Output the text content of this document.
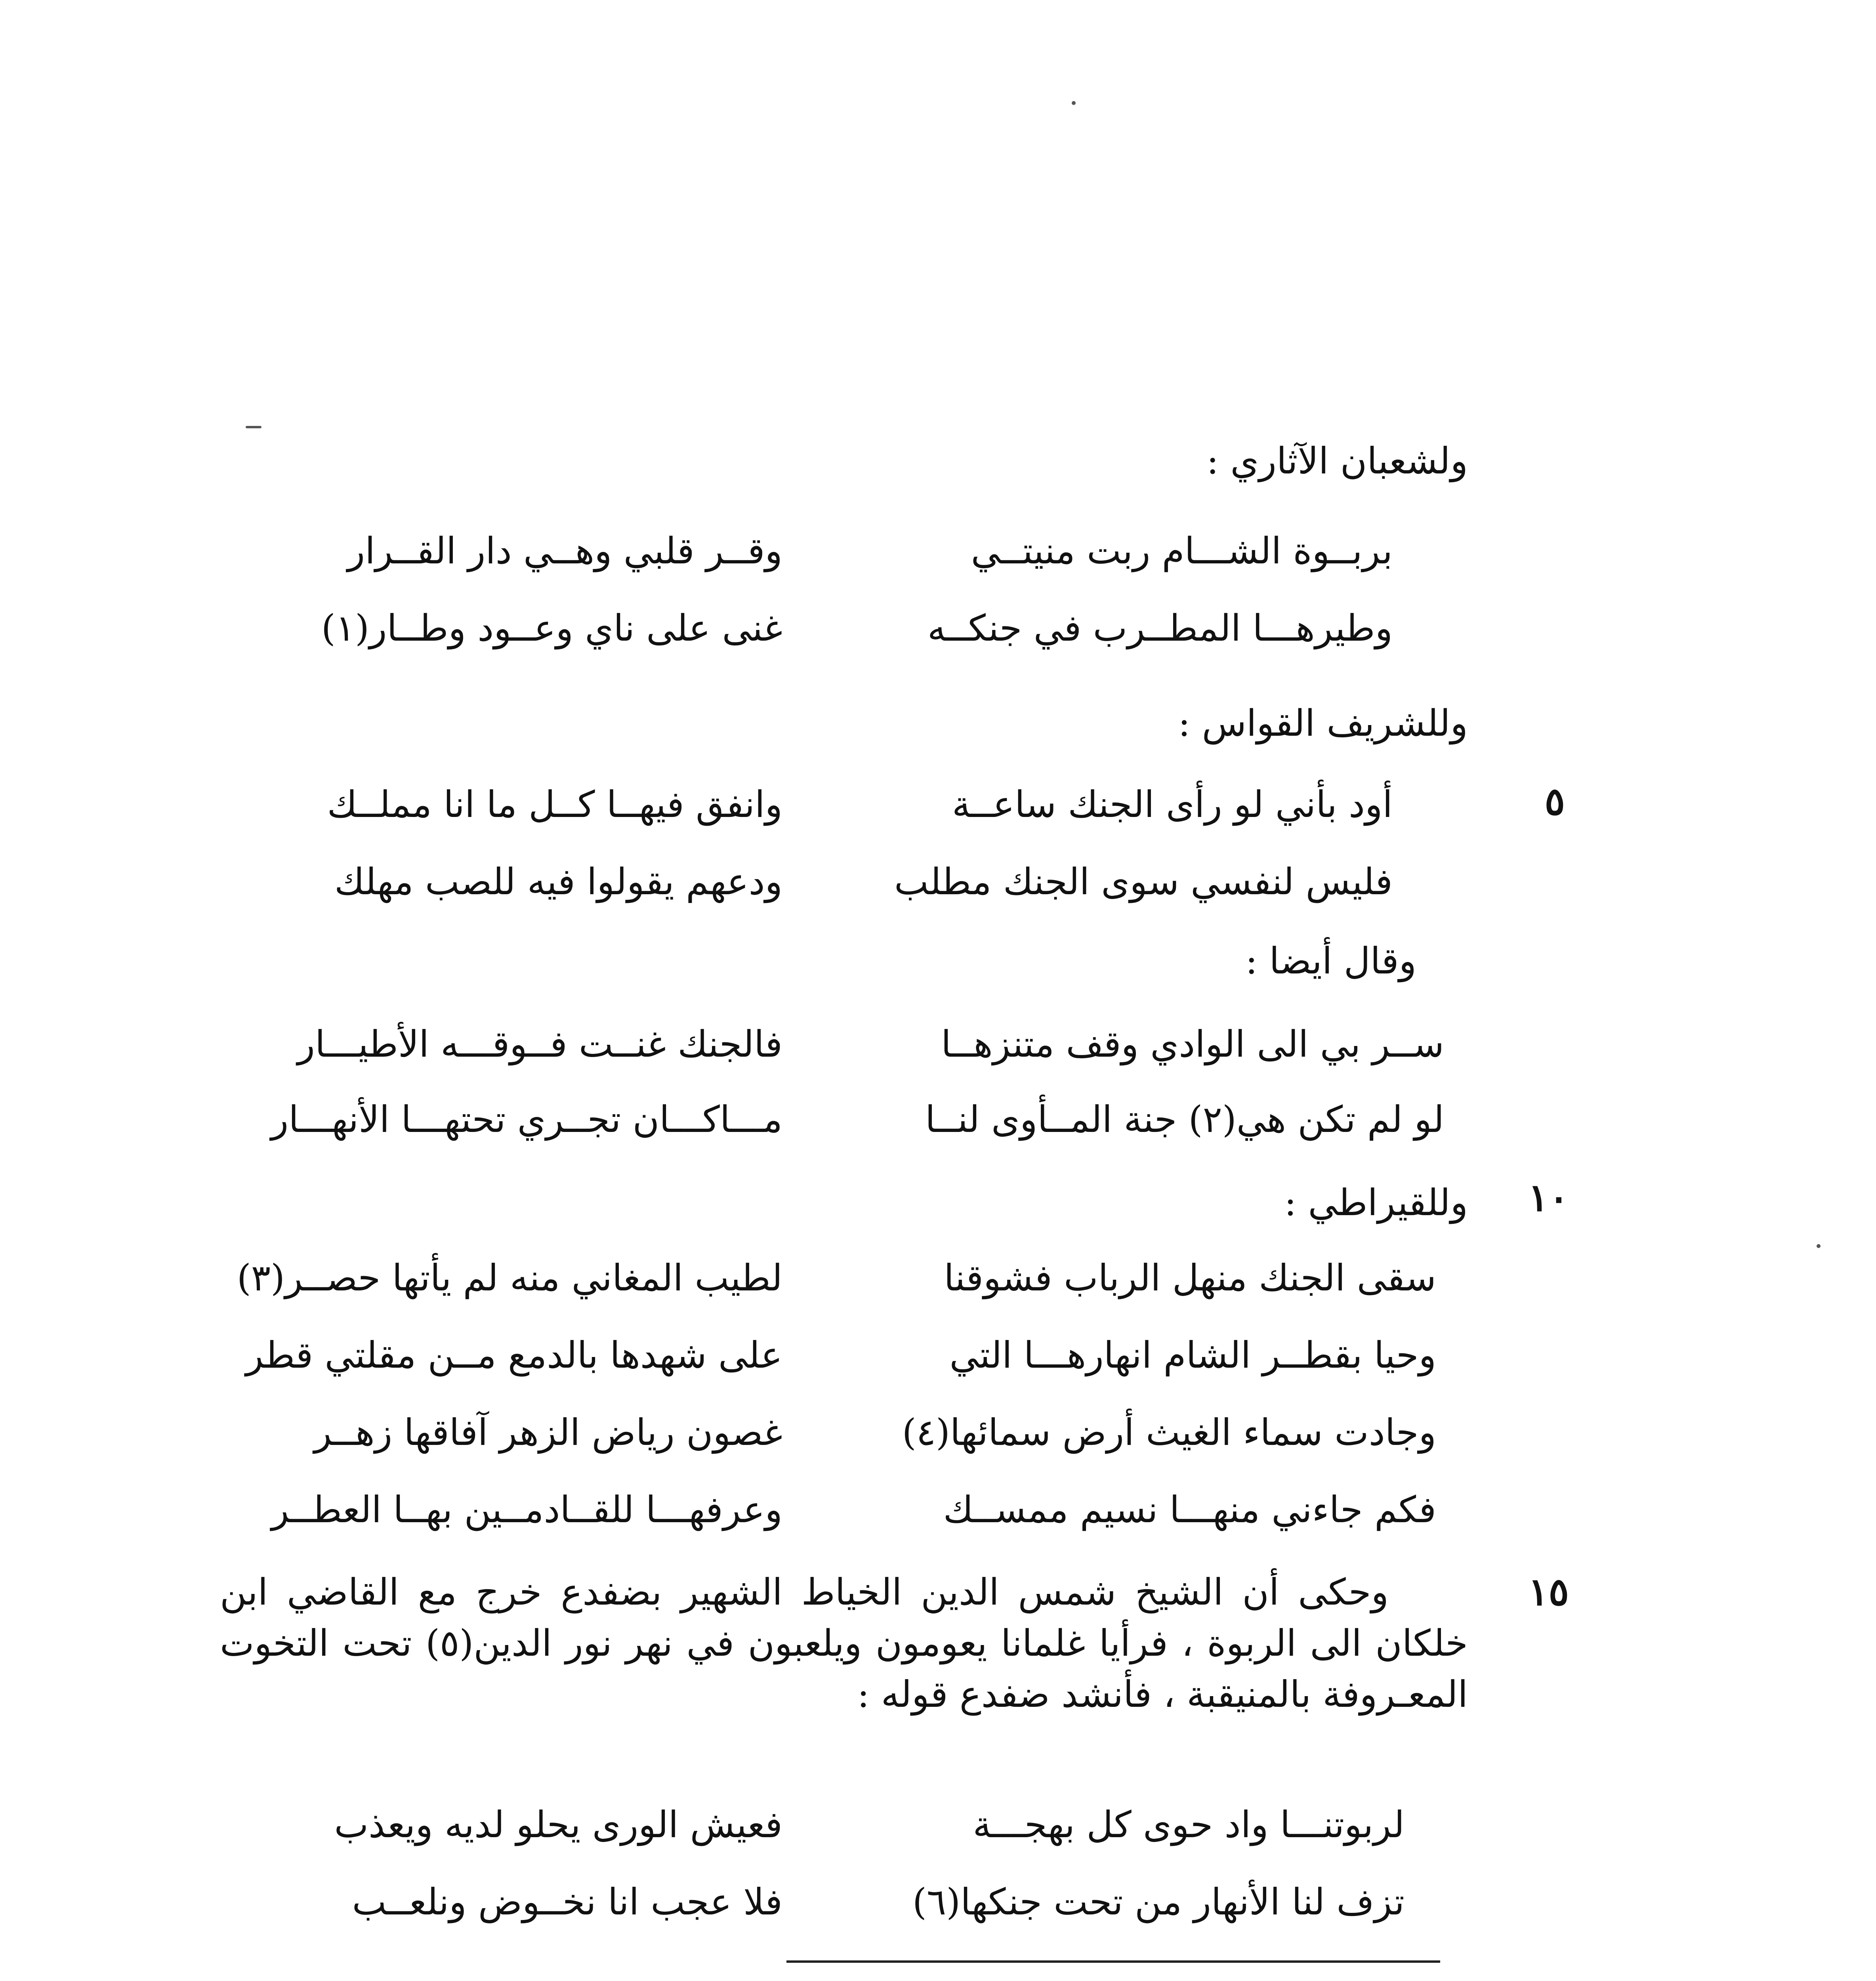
ولشعبان الآثاري :
بربــوة الشـــام ربت منيتــي
وقــر قلبي وهــي دار القــرار
وطيرهـــا المطــرب في جنكــه
غنى على ناي وعــود وطــار(١)
وللشريف القواس :
٥
أود بأني لو رأى الجنك ساعــة
وانفق فيهــا كــل ما انا مملــك
فليس لنفسي سوى الجنك مطلب
ودعهم يقولوا فيه للصب مهلك
وقال أيضا :
ســر بي الى الوادي وقف متنزهــا
فالجنك غنــت فــوقـــه الأطيـــار
لو لم تكن هي(٢) جنة المــأوى لنــا
مـــاكـــان تجــري تحتهـــا الأنهـــار
١٠
وللقيراطي :
سقى الجنك منهل الرباب فشوقنا
لطيب المغاني منه لم يأتها حصــر(٣)
وحيا بقطــر الشام انهارهـــا التي
على شهدها بالدمع مــن مقلتي قطر
وجادت سماء الغيث أرض سمائها(٤)
غصون رياض الزهر آفاقها زهــر
فكم جاءني منهـــا نسيم ممســك
وعرفهـــا للقــادمــين بهــا العطــر
١٥
وحكى أن الشيخ شمس الدين الخياط الشهير بضفدع خرج مع القاضي ابن خلكان الى الربوة ، فرأيا غلمانا يعومون ويلعبون في نهر نور الدين(٥) تحت التخوت المعـروفة بالمنيقبة ، فأنشد ضفدع قوله :
لربوتنـــا واد حوى كل بهجـــة
فعيش الورى يحلو لديه ويعذب
تزف لنا الأنهار من تحت جنكها(٦)
فلا عجب انا نخــوض ونلعــب
